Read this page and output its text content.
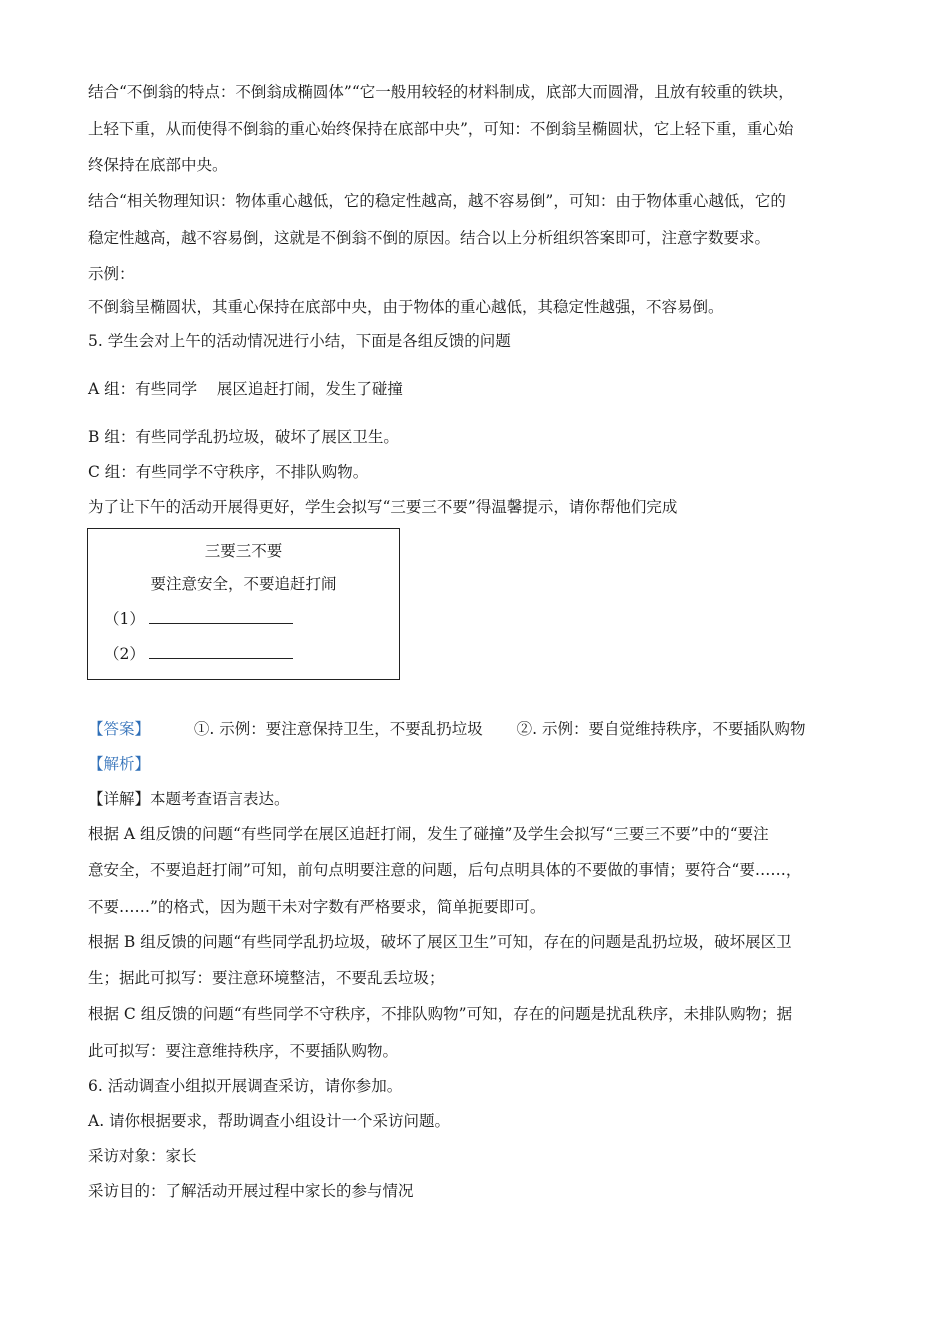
结合“不倒翁的特点：不倒翁成椭圆体”“它一般用较轻的材料制成，底部大而圆滑，且放有较重的铁块，
上轻下重，从而使得不倒翁的重心始终保持在底部中央”，可知：不倒翁呈椭圆状，它上轻下重，重心始
终保持在底部中央。
结合“相关物理知识：物体重心越低，它的稳定性越高，越不容易倒”，可知：由于物体重心越低，它的
稳定性越高，越不容易倒，这就是不倒翁不倒的原因。结合以上分析组织答案即可，注意字数要求。
示例：
不倒翁呈椭圆状，其重心保持在底部中央，由于物体的重心越低，其稳定性越强，不容易倒。
5. 学生会对上午的活动情况进行小结，下面是各组反馈的问题
A 组：有些同学    展区追赶打闹，发生了碰撞
B 组：有些同学乱扔垃圾，破坏了展区卫生。
C 组：有些同学不守秩序，不排队购物。
为了让下午的活动开展得更好，学生会拟写“三要三不要”得温馨提示，请你帮他们完成
三要三不要
要注意安全，不要追赶打闹
（1）
（2）
【答案】	①. 示例：要注意保持卫生，不要乱扔垃圾 ②. 示例：要自觉维持秩序，不要插队购物
【解析】
【详解】本题考查语言表达。
根据 A 组反馈的问题“有些同学在展区追赶打闹，发生了碰撞”及学生会拟写“三要三不要”中的“要注
意安全，不要追赶打闹”可知，前句点明要注意的问题，后句点明具体的不要做的事情；要符合“要……，
不要……”的格式，因为题干未对字数有严格要求，简单扼要即可。
根据 B 组反馈的问题“有些同学乱扔垃圾，破坏了展区卫生”可知，存在的问题是乱扔垃圾，破坏展区卫
生；据此可拟写：要注意环境整洁，不要乱丢垃圾；
根据 C 组反馈的问题“有些同学不守秩序，不排队购物”可知，存在的问题是扰乱秩序，未排队购物；据
此可拟写：要注意维持秩序，不要插队购物。
6. 活动调查小组拟开展调查采访，请你参加。
A. 请你根据要求，帮助调查小组设计一个采访问题。
采访对象：家长
采访目的：了解活动开展过程中家长的参与情况
